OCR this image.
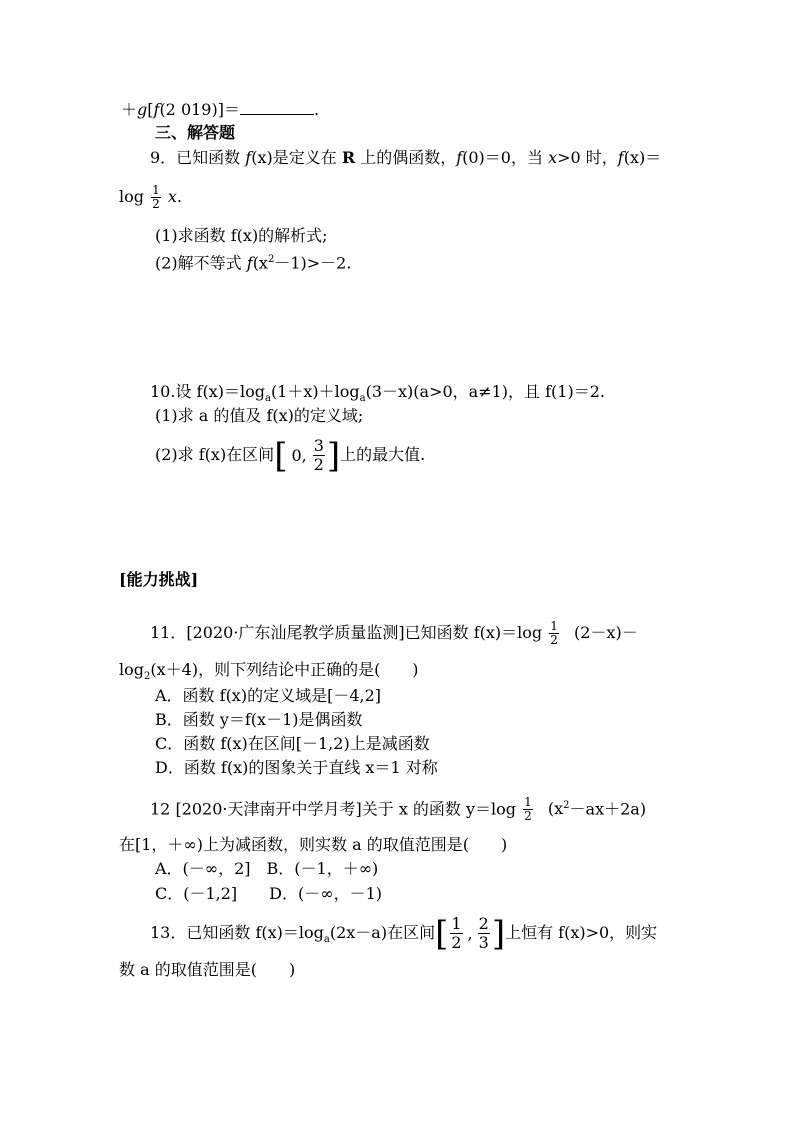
＋g[f(2 019)]＝	.
三、解答题
9．已知函数 f(x)是定义在 R 上的偶函数，f(0)＝0，当 x>0 时，f(x)＝
$\log \frac{1}{2} x$.
(1)求函数 f(x)的解析式;
(2)解不等式 $f(x^2-1)>-2$.
10.设 $f(x)=\log_a(1+x)+\log_a(3-x)(a>0$，a≠1)，且 f(1)＝2.
(1)求 a 的值及 f(x)的定义域;
(2)求 f(x)在区间 [ 0, $\frac{3}{2}$ ] 上的最大值.
[能力挑战]
11．[2020·广东汕尾教学质量监测]已知函数 $f(x)=\log \frac{1}{2} (2-x)-$
$\log_2(x+4)$，则下列结论中正确的是(　　)
A．函数 f(x)的定义域是[－4,2]
B．函数 y＝f(x－1)是偶函数
C．函数 f(x)在区间[－1,2)上是减函数
D．函数 f(x)的图象关于直线 x＝1 对称
12 [2020·天津南开中学月考]关于 x 的函数 $y=\log \frac{1}{2} (x^2-ax+2a)$
在[1，＋∞)上为减函数，则实数 a 的取值范围是(　　)
A．(－∞，2]　B．(－1，＋∞)
C．(－1,2]　　D．(－∞，－1)
13．已知函数 $f(x)=\log_a(2x-a)$在区间 [ $\frac{1}{2}$ , $\frac{2}{3}$ ] 上恒有 f(x)>0，则实
数 a 的取值范围是(　　)
